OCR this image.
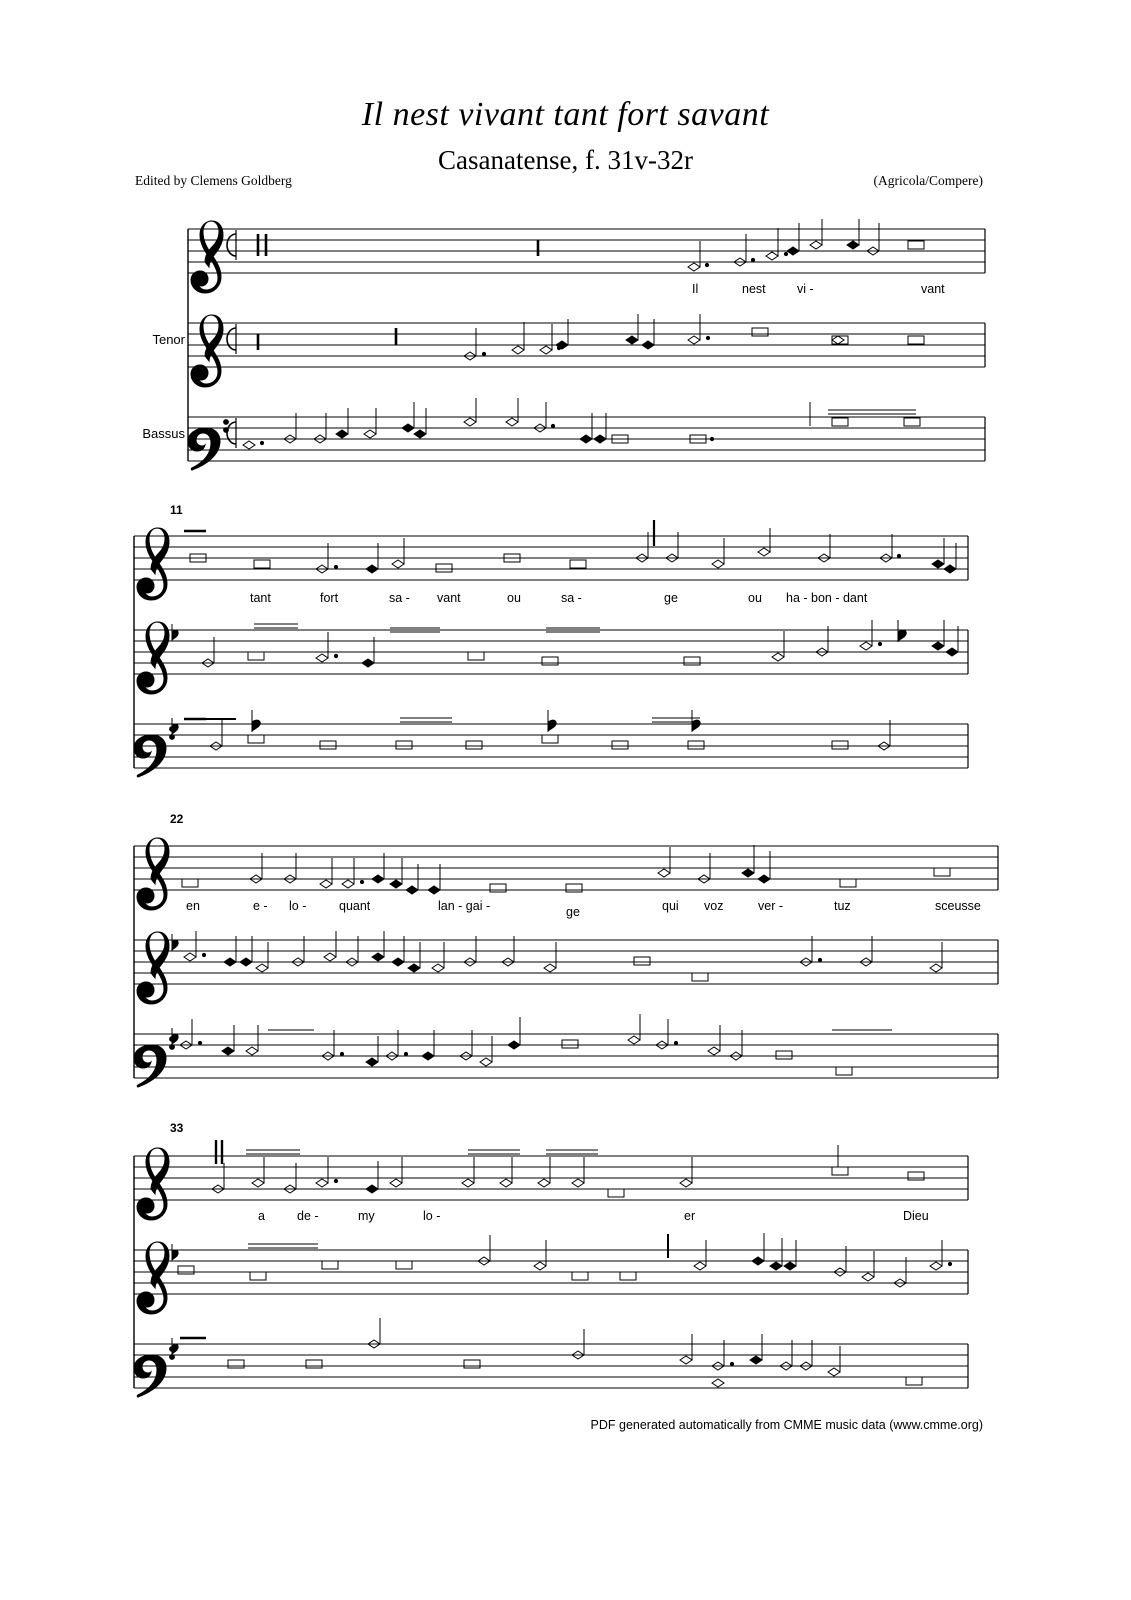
Il nest vivant tant fort savant
Casanatense, f. 31v-32r
Edited by Clemens Goldberg	(Agricola/Compere)
PDF generated automatically from CMME music data (www.cmme.org)
11
22
33
Tenor
Bassus
Il	nest	vi -	vant
tant	fort	sa - vant	ou	sa -	ge	ou ha - bon - dant
en	e - lo -	quant	lan - gai -	ge	qui voz	ver -	tuz	sceusse
a	de -	my	lo -	er	Dieu
8
8
8
8
8
8
8
8
